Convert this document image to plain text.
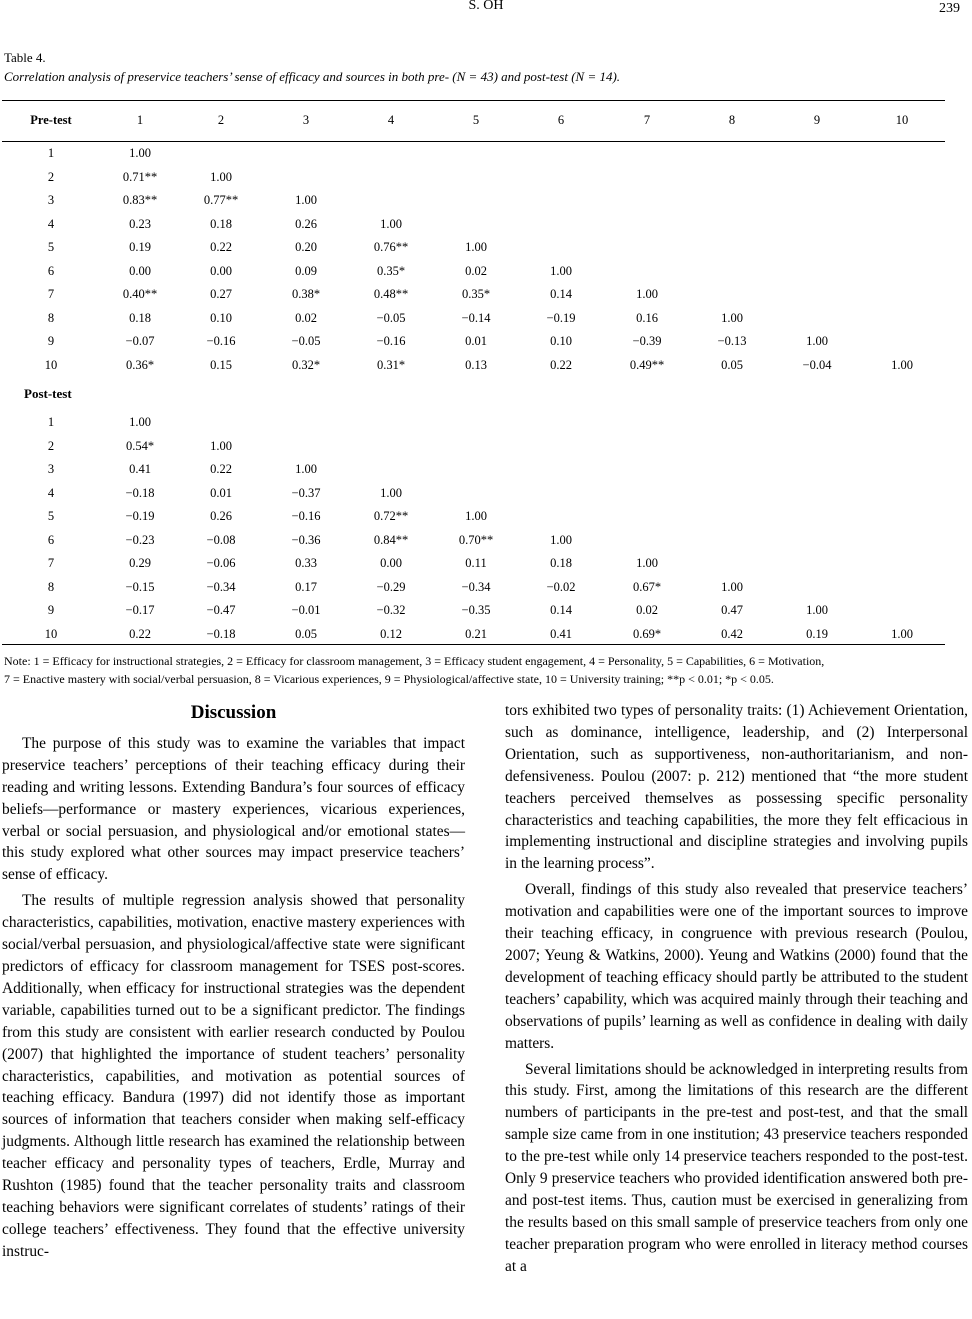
S. OH	239
Table 4.
Correlation analysis of preservice teachers’ sense of efficacy and sources in both pre- (N = 43) and post-test (N = 14).
Pre-test	1	2	3	4	5	6	7	8	9	10
1	1.00
2	0.71**	1.00
3	0.83**	0.77**	1.00
4	0.23	0.18	0.26	1.00
5	0.19	0.22	0.20	0.76**	1.00
6	0.00	0.00	0.09	0.35*	0.02	1.00
7	0.40**	0.27	0.38*	0.48**	0.35*	0.14	1.00
8	0.18	0.10	0.02	−0.05	−0.14	−0.19	0.16	1.00
9	−0.07	−0.16	−0.05	−0.16	0.01	0.10	−0.39	−0.13	1.00
10	0.36*	0.15	0.32*	0.31*	0.13	0.22	0.49**	0.05	−0.04	1.00
Post-test
1	1.00
2	0.54*	1.00
3	0.41	0.22	1.00
4	−0.18	0.01	−0.37	1.00
5	−0.19	0.26	−0.16	0.72**	1.00
6	−0.23	−0.08	−0.36	0.84**	0.70**	1.00
7	0.29	−0.06	0.33	0.00	0.11	0.18	1.00
8	−0.15	−0.34	0.17	−0.29	−0.34	−0.02	0.67*	1.00
9	−0.17	−0.47	−0.01	−0.32	−0.35	0.14	0.02	0.47	1.00
10	0.22	−0.18	0.05	0.12	0.21	0.41	0.69*	0.42	0.19	1.00
Note: 1 = Efficacy for instructional strategies, 2 = Efficacy for classroom management, 3 = Efficacy student engagement, 4 = Personality, 5 = Capabilities, 6 = Motivation,
7 = Enactive mastery with social/verbal persuasion, 8 = Vicarious experiences, 9 = Physiological/affective state, 10 = University training; **p < 0.01; *p < 0.05.
Discussion

The purpose of this study was to examine the variables that impact preservice teachers’ perceptions of their teaching efficacy during their reading and writing lessons. Extending Bandura’s four sources of efficacy beliefs—performance or mastery experiences, vicarious experiences, verbal or social persuasion, and physiological and/or emotional states—this study explored what other sources may impact preservice teachers’ sense of efficacy.

The results of multiple regression analysis showed that personality characteristics, capabilities, motivation, enactive mastery experiences with social/verbal persuasion, and physiological/affective state were significant predictors of efficacy for classroom management for TSES post-scores. Additionally, when efficacy for instructional strategies was the dependent variable, capabilities turned out to be a significant predictor. The findings from this study are consistent with earlier research conducted by Poulou (2007) that highlighted the importance of student teachers’ personality characteristics, capabilities, and motivation as potential sources of teaching efficacy. Bandura (1997) did not identify those as important sources of information that teachers consider when making self-efficacy judgments. Although little research has examined the relationship between teacher efficacy and personality types of teachers, Erdle, Murray and Rushton (1985) found that the teacher personality traits and classroom teaching behaviors were significant correlates of students’ ratings of their college teachers’ effectiveness. They found that the effective university instruc-

tors exhibited two types of personality traits: (1) Achievement Orientation, such as dominance, intelligence, leadership, and (2) Interpersonal Orientation, such as supportiveness, non-authoritarianism, and non-defensiveness. Poulou (2007: p. 212) mentioned that “the more student teachers perceived themselves as possessing specific personality characteristics and teaching capabilities, the more they felt efficacious in implementing instructional and discipline strategies and involving pupils in the learning process”.

Overall, findings of this study also revealed that preservice teachers’ motivation and capabilities were one of the important sources to improve their teaching efficacy, in congruence with previous research (Poulou, 2007; Yeung & Watkins, 2000). Yeung and Watkins (2000) found that the development of teaching efficacy should partly be attributed to the student teachers’ capability, which was acquired mainly through their teaching and observations of pupils’ learning as well as confidence in dealing with daily matters.

Several limitations should be acknowledged in interpreting results from this study. First, among the limitations of this research are the different numbers of participants in the pre-test and post-test, and that the small sample size came from in one institution; 43 preservice teachers responded to the pre-test while only 14 preservice teachers responded to the post-test. Only 9 preservice teachers who provided identification answered both pre- and post-test items. Thus, caution must be exercised in generalizing from the results based on this small sample of preservice teachers from only one teacher preparation program who were enrolled in literacy method courses at a
